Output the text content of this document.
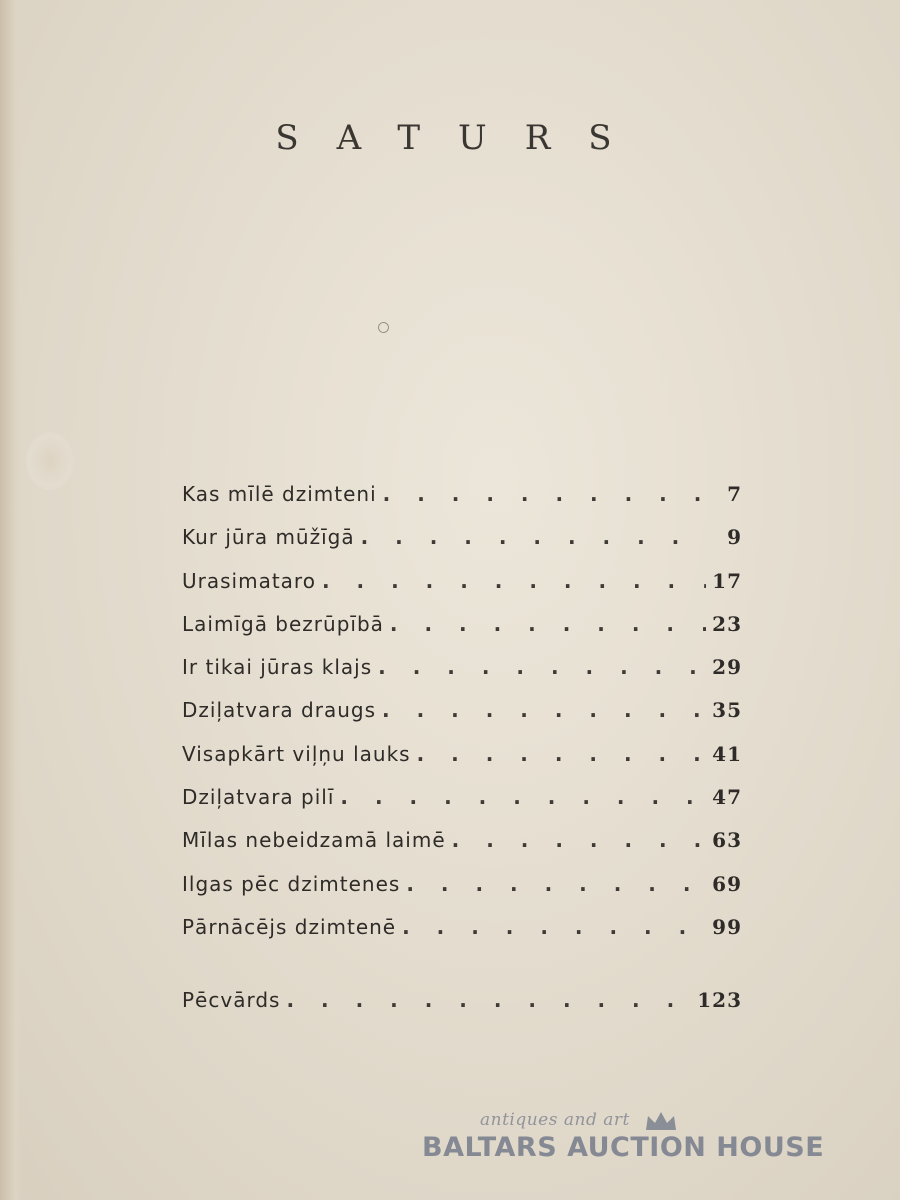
SATURS
Kas mīlē dzimteni . . .	7
Kur jūra mūžīgā . . .	9
Urasimataro . . .	17
Laimīgā bezrūpībā . . .	23
Ir tikai jūras klajs . . .	29
Dziļatvara draugs . . .	35
Visapkārt viļņu lauks . . .	41
Dziļatvara pilī . . .	47
Mīlas nebeidzamā laimē . . .	63
Ilgas pēc dzimtenes . . .	69
Pārnācējs dzimtenē . . .	99
Pēcvārds . . .	123
antiques and art
BALTARS AUCTION HOUSE
